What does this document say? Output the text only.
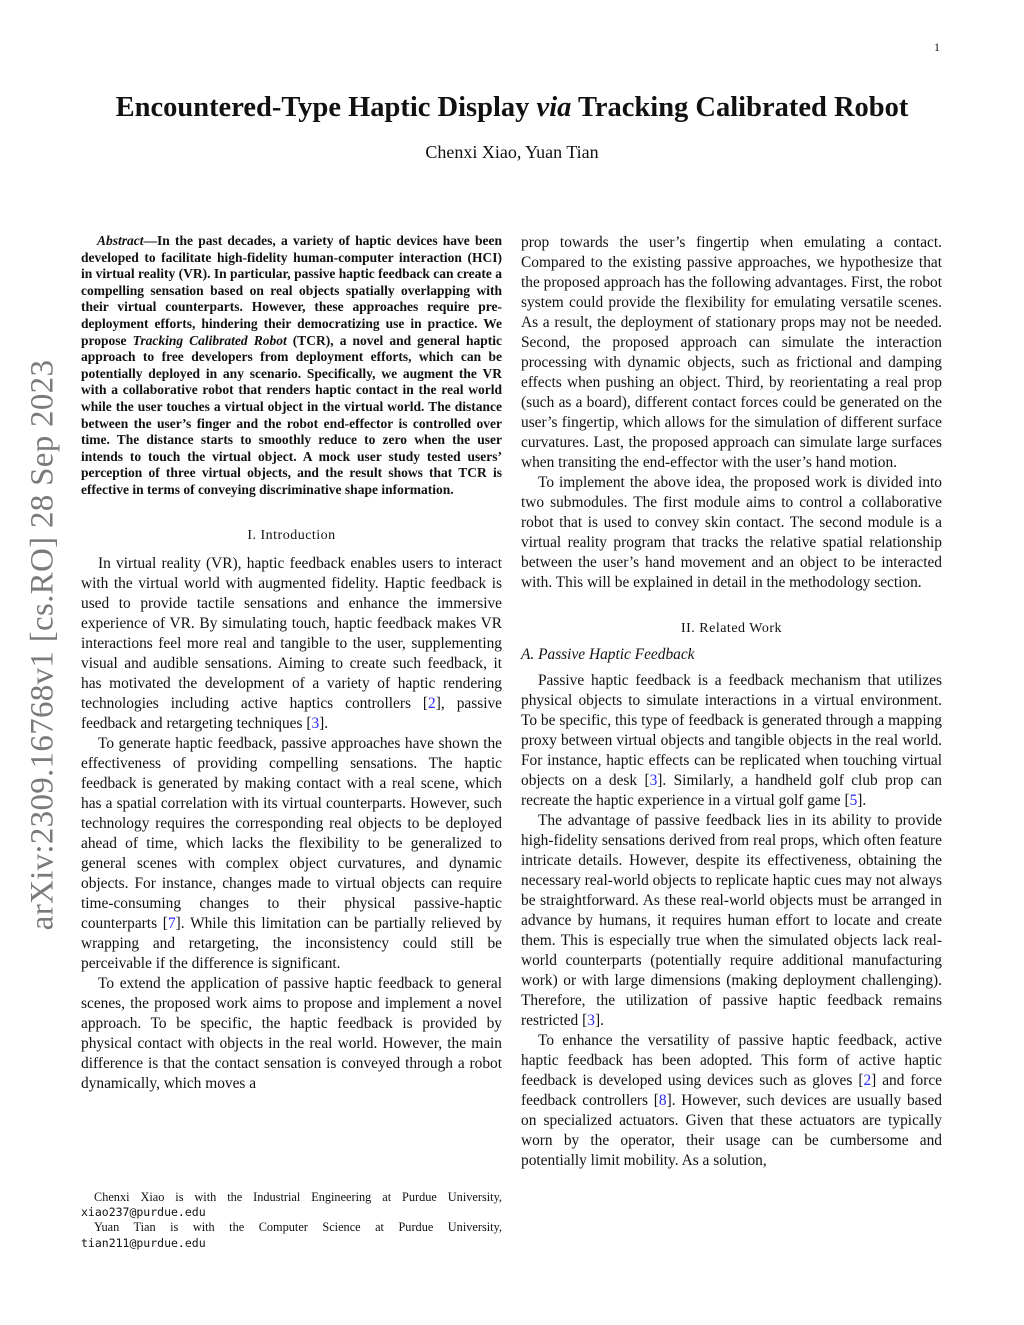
1
arXiv:2309.16768v1 [cs.RO] 28 Sep 2023
Encountered-Type Haptic Display via Tracking Calibrated Robot
Chenxi Xiao, Yuan Tian

Abstract—In the past decades, a variety of haptic devices have been developed to facilitate high-fidelity human-computer interaction (HCI) in virtual reality (VR). In particular, passive haptic feedback can create a compelling sensation based on real objects spatially overlapping with their virtual counterparts. However, these approaches require pre-deployment efforts, hindering their democratizing use in practice. We propose Tracking Calibrated Robot (TCR), a novel and general haptic approach to free developers from deployment efforts, which can be potentially deployed in any scenario. Specifically, we augment the VR with a collaborative robot that renders haptic contact in the real world while the user touches a virtual object in the virtual world. The distance between the user’s finger and the robot end-effector is controlled over time. The distance starts to smoothly reduce to zero when the user intends to touch the virtual object. A mock user study tested users’ perception of three virtual objects, and the result shows that TCR is effective in terms of conveying discriminative shape information.

I. Introduction

In virtual reality (VR), haptic feedback enables users to interact with the virtual world with augmented fidelity. Haptic feedback is used to provide tactile sensations and enhance the immersive experience of VR. By simulating touch, haptic feedback makes VR interactions feel more real and tangible to the user, supplementing visual and audible sensations. Aiming to create such feedback, it has motivated the development of a variety of haptic rendering technologies including active haptics controllers [2], passive feedback and retargeting techniques [3].

To generate haptic feedback, passive approaches have shown the effectiveness of providing compelling sensations. The haptic feedback is generated by making contact with a real scene, which has a spatial correlation with its virtual counterparts. However, such technology requires the corresponding real objects to be deployed ahead of time, which lacks the flexibility to be generalized to general scenes with complex object curvatures, and dynamic objects. For instance, changes made to virtual objects can require time-consuming changes to their physical passive-haptic counterparts [7]. While this limitation can be partially relieved by wrapping and retargeting, the inconsistency could still be perceivable if the difference is significant.

To extend the application of passive haptic feedback to general scenes, the proposed work aims to propose and implement a novel approach. To be specific, the haptic feedback is provided by physical contact with objects in the real world. However, the main difference is that the contact sensation is conveyed through a robot dynamically, which moves a

prop towards the user’s fingertip when emulating a contact. Compared to the existing passive approaches, we hypothesize that the proposed approach has the following advantages. First, the robot system could provide the flexibility for emulating versatile scenes. As a result, the deployment of stationary props may not be needed. Second, the proposed approach can simulate the interaction processing with dynamic objects, such as frictional and damping effects when pushing an object. Third, by reorientating a real prop (such as a board), different contact forces could be generated on the user’s fingertip, which allows for the simulation of different surface curvatures. Last, the proposed approach can simulate large surfaces when transiting the end-effector with the user’s hand motion.

To implement the above idea, the proposed work is divided into two submodules. The first module aims to control a collaborative robot that is used to convey skin contact. The second module is a virtual reality program that tracks the relative spatial relationship between the user’s hand movement and an object to be interacted with. This will be explained in detail in the methodology section.

II. Related Work

A. Passive Haptic Feedback

Passive haptic feedback is a feedback mechanism that utilizes physical objects to simulate interactions in a virtual environment. To be specific, this type of feedback is generated through a mapping proxy between virtual objects and tangible objects in the real world. For instance, haptic effects can be replicated when touching virtual objects on a desk [3]. Similarly, a handheld golf club prop can recreate the haptic experience in a virtual golf game [5].

The advantage of passive feedback lies in its ability to provide high-fidelity sensations derived from real props, which often feature intricate details. However, despite its effectiveness, obtaining the necessary real-world objects to replicate haptic cues may not always be straightforward. As these real-world objects must be arranged in advance by humans, it requires human effort to locate and create them. This is especially true when the simulated objects lack real-world counterparts (potentially require additional manufacturing work) or with large dimensions (making deployment challenging). Therefore, the utilization of passive haptic feedback remains restricted [3].

To enhance the versatility of passive haptic feedback, active haptic feedback has been adopted. This form of active haptic feedback is developed using devices such as gloves [2] and force feedback controllers [8]. However, such devices are usually based on specialized actuators. Given that these actuators are typically worn by the operator, their usage can be cumbersome and potentially limit mobility. As a solution,

Chenxi Xiao is with the Industrial Engineering at Purdue University, xiao237@purdue.edu

Yuan Tian is with the Computer Science at Purdue University, tian211@purdue.edu
